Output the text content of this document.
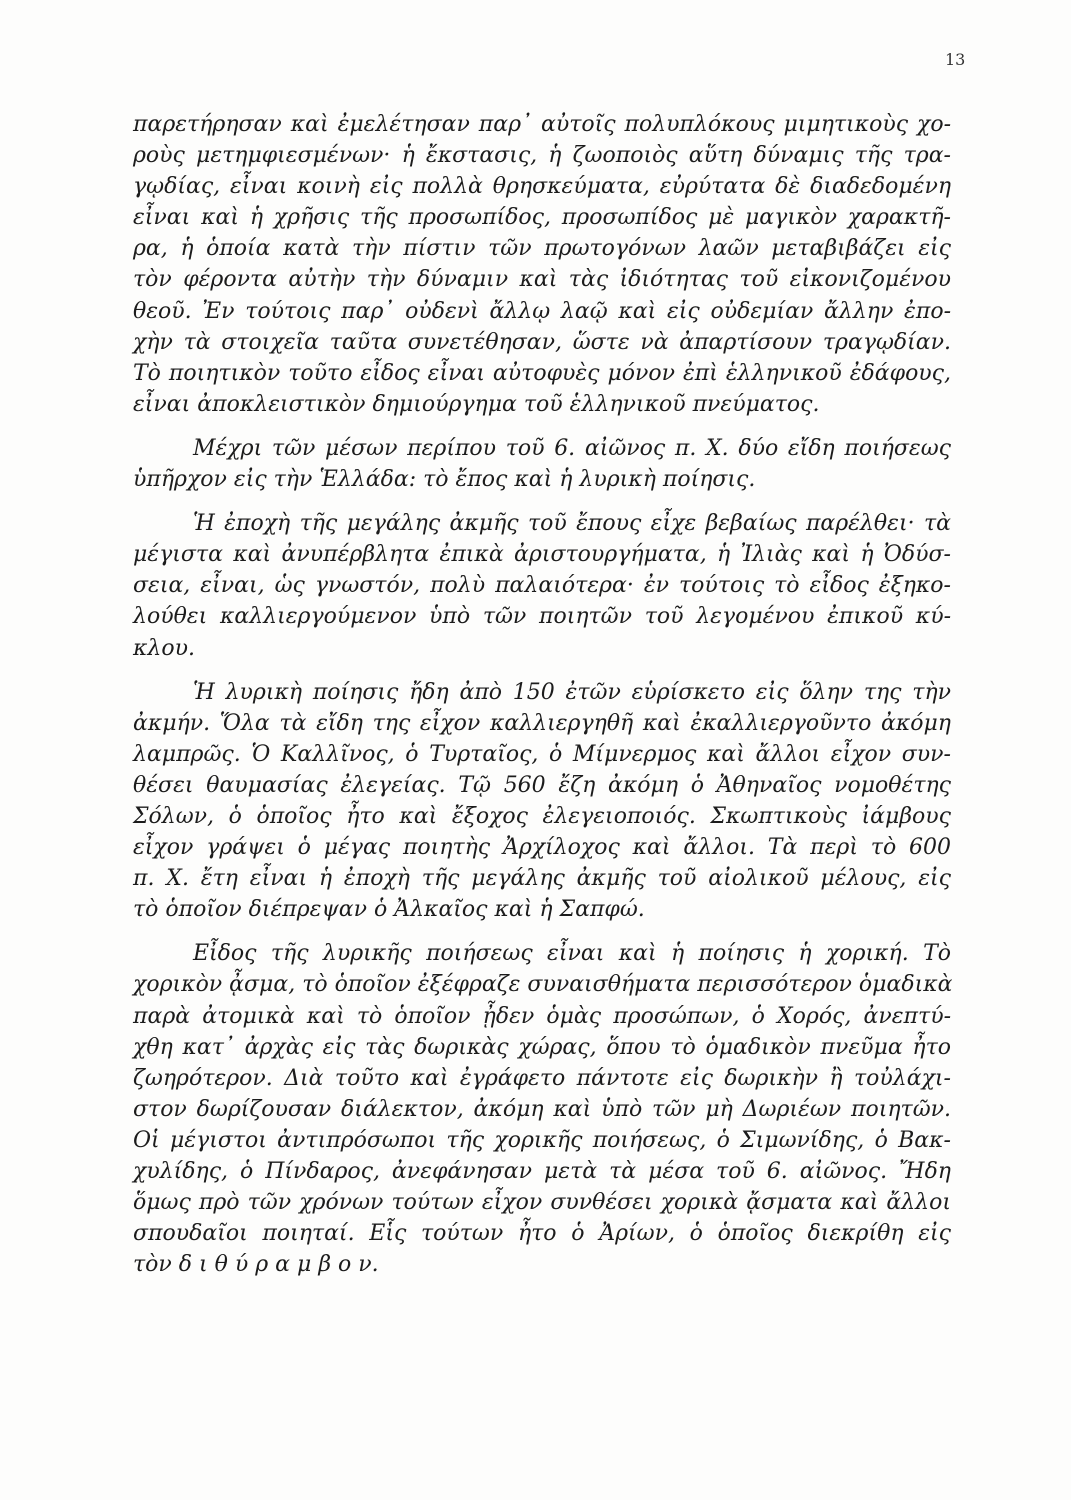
13
παρετήρησαν καὶ ἐμελέτησαν παρ᾽ αὐτοῖς πολυπλόκους μιμητικοὺς χο-
ροὺς μετημφιεσμένων· ἡ ἔκστασις, ἡ ζωοποιὸς αὕτη δύναμις τῆς τρα-
γῳδίας, εἶναι κοινὴ εἰς πολλὰ θρησκεύματα, εὐρύτατα δὲ διαδεδομένη
εἶναι καὶ ἡ χρῆσις τῆς προσωπίδος, προσωπίδος μὲ μαγικὸν χαρακτῆ-
ρα, ἡ ὁποία κατὰ τὴν πίστιν τῶν πρωτογόνων λαῶν μεταβιβάζει εἰς
τὸν φέροντα αὐτὴν τὴν δύναμιν καὶ τὰς ἰδιότητας τοῦ εἰκονιζομένου
θεοῦ. Ἐν τούτοις παρ᾽ οὐδενὶ ἄλλῳ λαῷ καὶ εἰς οὐδεμίαν ἄλλην ἐπο-
χὴν τὰ στοιχεῖα ταῦτα συνετέθησαν, ὥστε νὰ ἀπαρτίσουν τραγῳδίαν.
Τὸ ποιητικὸν τοῦτο εἶδος εἶναι αὐτοφυὲς μόνον ἐπὶ ἑλληνικοῦ ἐδάφους,
εἶναι ἀποκλειστικὸν δημιούργημα τοῦ ἑλληνικοῦ πνεύματος.
Μέχρι τῶν μέσων περίπου τοῦ 6. αἰῶνος π. Χ. δύο εἴδη ποιήσεως
ὑπῆρχον εἰς τὴν Ἑλλάδα: τὸ ἔπος καὶ ἡ λυρικὴ ποίησις.
Ἡ ἐποχὴ τῆς μεγάλης ἀκμῆς τοῦ ἔπους εἶχε βεβαίως παρέλθει· τὰ
μέγιστα καὶ ἀνυπέρβλητα ἐπικὰ ἀριστουργήματα, ἡ Ἰλιὰς καὶ ἡ Ὀδύσ-
σεια, εἶναι, ὡς γνωστόν, πολὺ παλαιότερα· ἐν τούτοις τὸ εἶδος ἐξηκο-
λούθει καλλιεργούμενον ὑπὸ τῶν ποιητῶν τοῦ λεγομένου ἐπικοῦ κύ-
κλου.
Ἡ λυρικὴ ποίησις ἤδη ἀπὸ 150 ἐτῶν εὑρίσκετο εἰς ὅλην της τὴν
ἀκμήν. Ὅλα τὰ εἴδη της εἶχον καλλιεργηθῆ καὶ ἐκαλλιεργοῦντο ἀκόμη
λαμπρῶς. Ὁ Καλλῖνος, ὁ Τυρταῖος, ὁ Μίμνερμος καὶ ἄλλοι εἶχον συν-
θέσει θαυμασίας ἐλεγείας. Τῷ 560 ἔζη ἀκόμη ὁ Ἀθηναῖος νομοθέτης
Σόλων, ὁ ὁποῖος ἦτο καὶ ἔξοχος ἐλεγειοποιός. Σκωπτικοὺς ἰάμβους
εἶχον γράψει ὁ μέγας ποιητὴς Ἀρχίλοχος καὶ ἄλλοι. Τὰ περὶ τὸ 600
π. Χ. ἔτη εἶναι ἡ ἐποχὴ τῆς μεγάλης ἀκμῆς τοῦ αἰολικοῦ μέλους, εἰς
τὸ ὁποῖον διέπρεψαν ὁ Ἀλκαῖος καὶ ἡ Σαπφώ.
Εἶδος τῆς λυρικῆς ποιήσεως εἶναι καὶ ἡ ποίησις ἡ χορική. Τὸ
χορικὸν ᾆσμα, τὸ ὁποῖον ἐξέφραζε συναισθήματα περισσότερον ὁμαδικὰ
παρὰ ἀτομικὰ καὶ τὸ ὁποῖον ᾖδεν ὁμὰς προσώπων, ὁ Χορός, ἀνεπτύ-
χθη κατ᾽ ἀρχὰς εἰς τὰς δωρικὰς χώρας, ὅπου τὸ ὁμαδικὸν πνεῦμα ἦτο
ζωηρότερον. Διὰ τοῦτο καὶ ἐγράφετο πάντοτε εἰς δωρικὴν ἢ τοὐλάχι-
στον δωρίζουσαν διάλεκτον, ἀκόμη καὶ ὑπὸ τῶν μὴ Δωριέων ποιητῶν.
Οἱ μέγιστοι ἀντιπρόσωποι τῆς χορικῆς ποιήσεως, ὁ Σιμωνίδης, ὁ Βακ-
χυλίδης, ὁ Πίνδαρος, ἀνεφάνησαν μετὰ τὰ μέσα τοῦ 6. αἰῶνος. Ἤδη
ὅμως πρὸ τῶν χρόνων τούτων εἶχον συνθέσει χορικὰ ᾄσματα καὶ ἄλλοι
σπουδαῖοι ποιηταί. Εἷς τούτων ἦτο ὁ Ἀρίων, ὁ ὁποῖος διεκρίθη εἰς
τὸν δ ι θ ύ ρ α μ β ο ν.
